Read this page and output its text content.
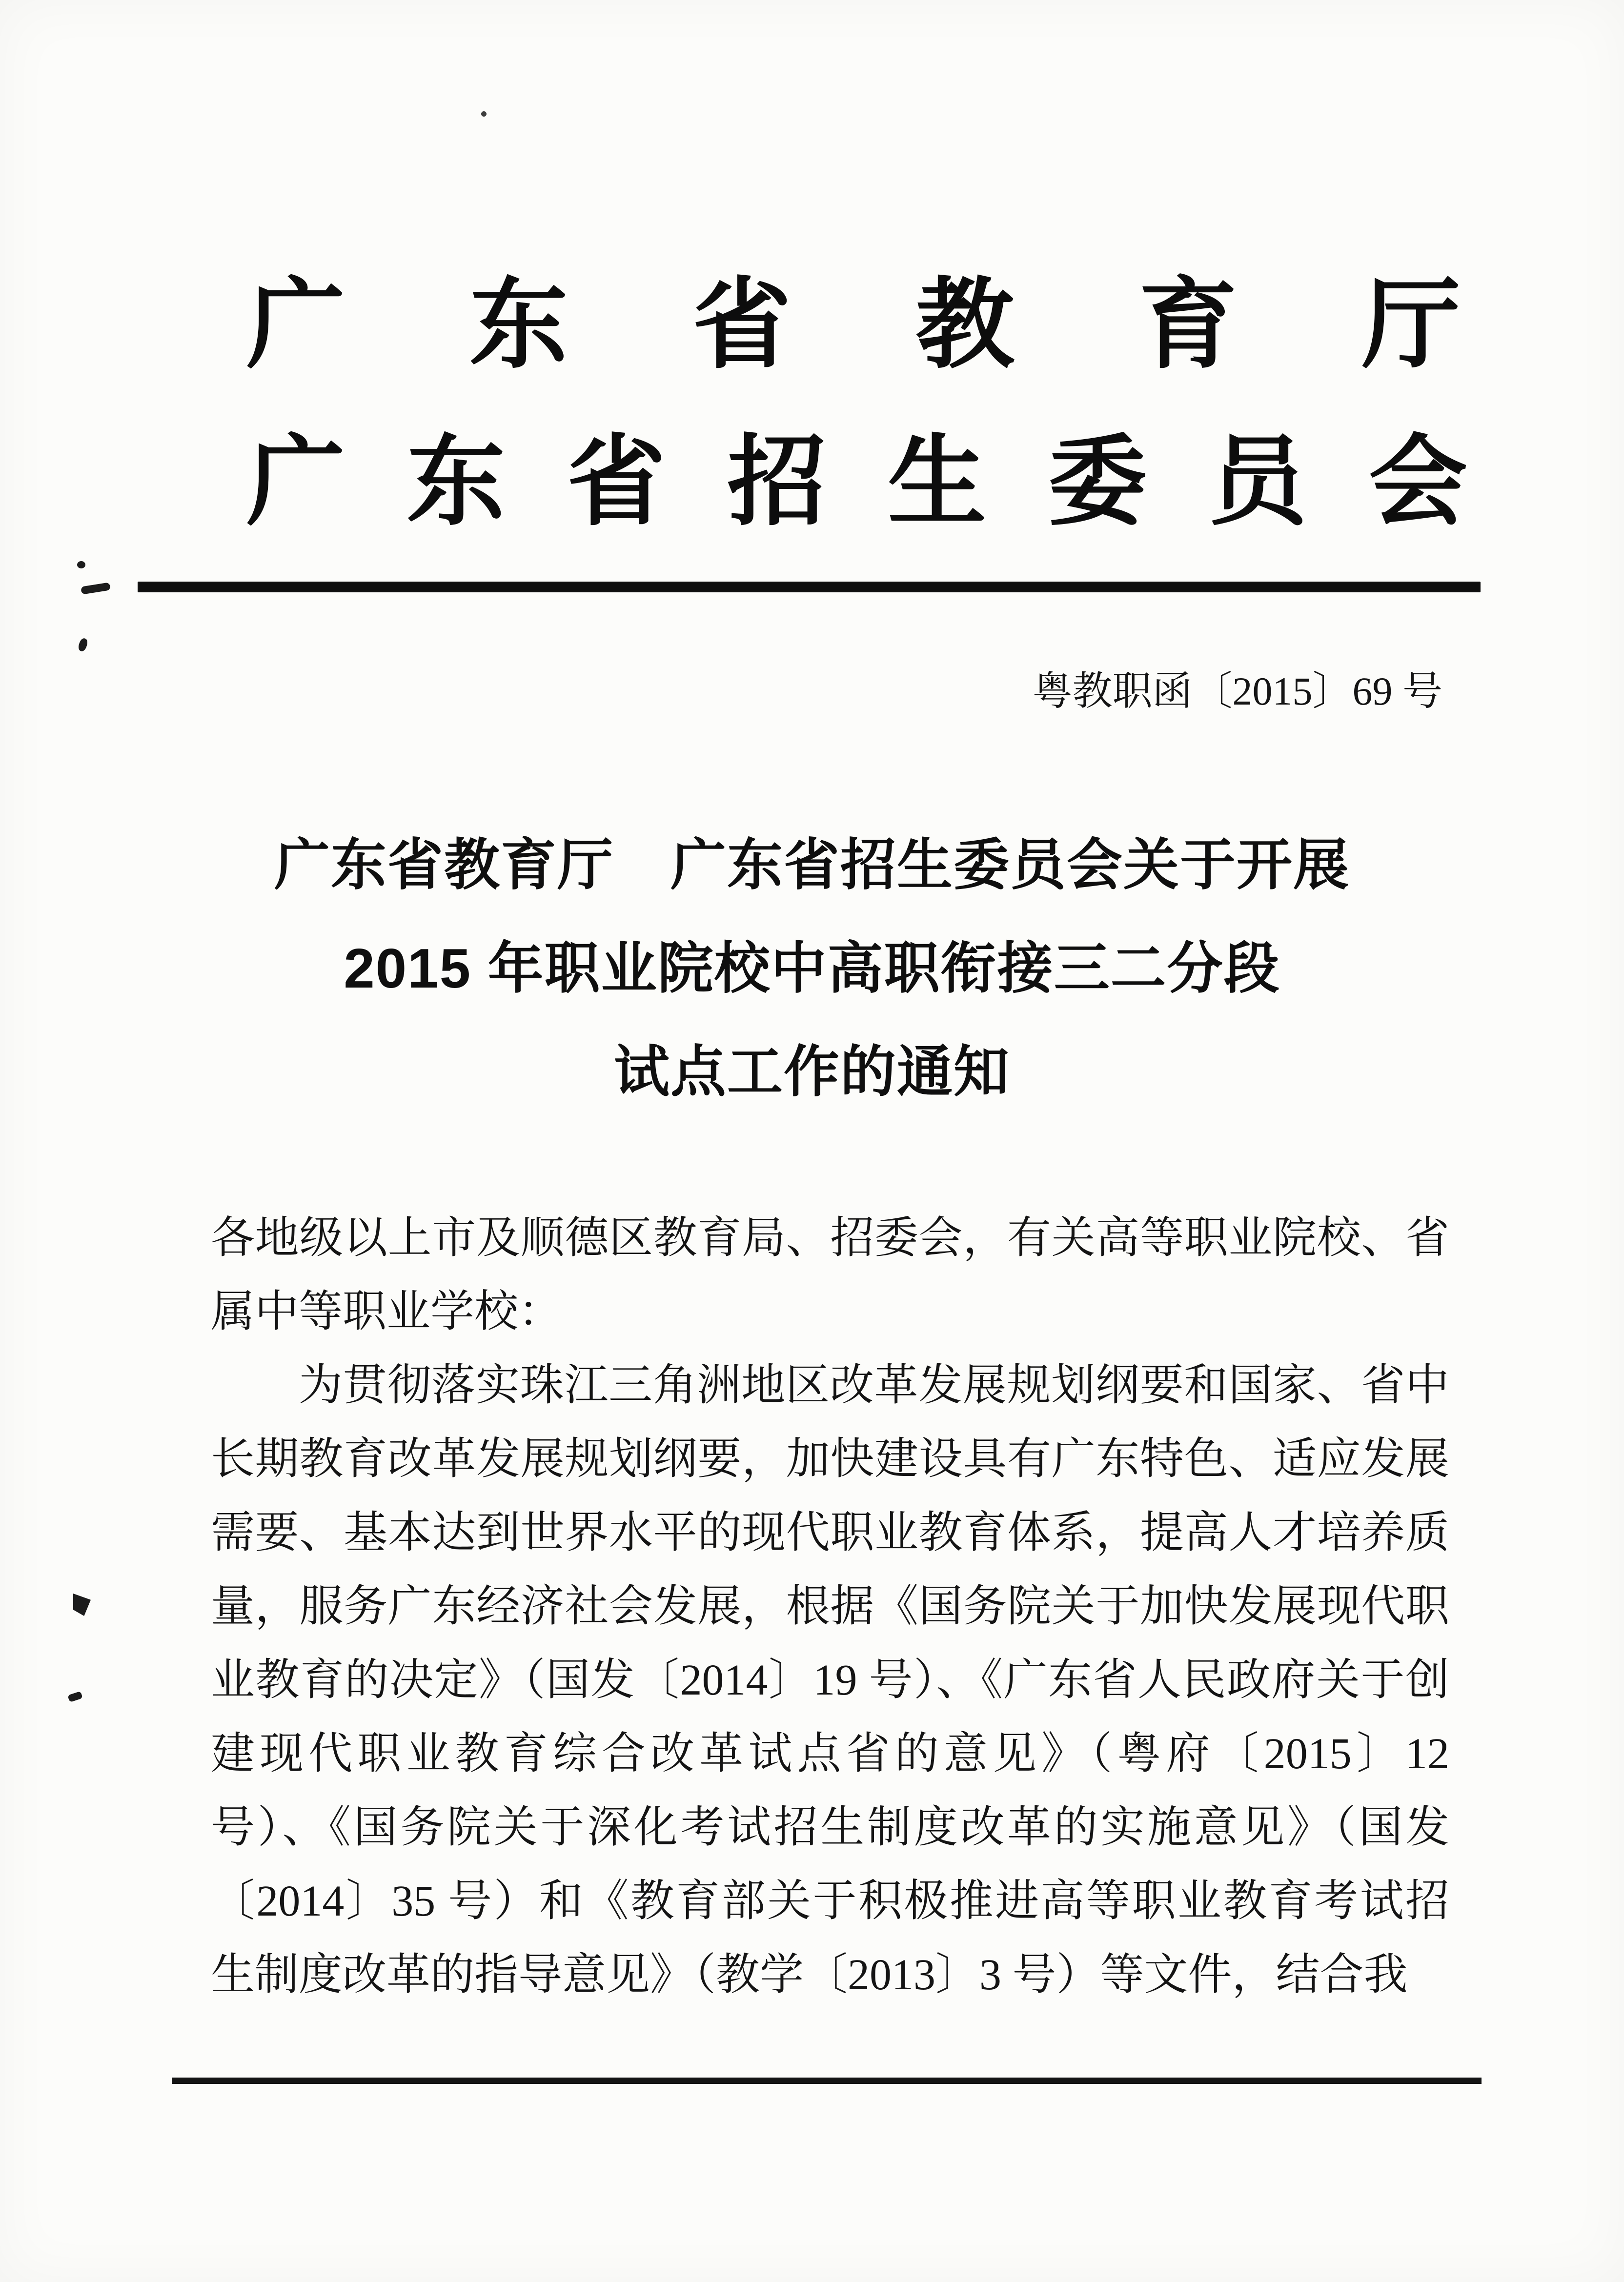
广 东 省 教 育 厅
广 东 省 招 生 委 员 会
粤教职函〔2015〕69 号
广东省教育厅　广东省招生委员会关于开展
2015 年职业院校中高职衔接三二分段
试点工作的通知

各地级以上市及顺德区教育局、招委会，有关高等职业院校、省属中等职业学校：

为贯彻落实珠江三角洲地区改革发展规划纲要和国家、省中长期教育改革发展规划纲要，加快建设具有广东特色、适应发展需要、基本达到世界水平的现代职业教育体系，提高人才培养质量，服务广东经济社会发展，根据《国务院关于加快发展现代职业教育的决定》（国发〔2014〕19 号）、《广东省人民政府关于创建现代职业教育综合改革试点省的意见》（粤府〔2015〕12 号）、《国务院关于深化考试招生制度改革的实施意见》（国发〔2014〕35 号）和《教育部关于积极推进高等职业教育考试招生制度改革的指导意见》（教学〔2013〕3 号）等文件，结合我
